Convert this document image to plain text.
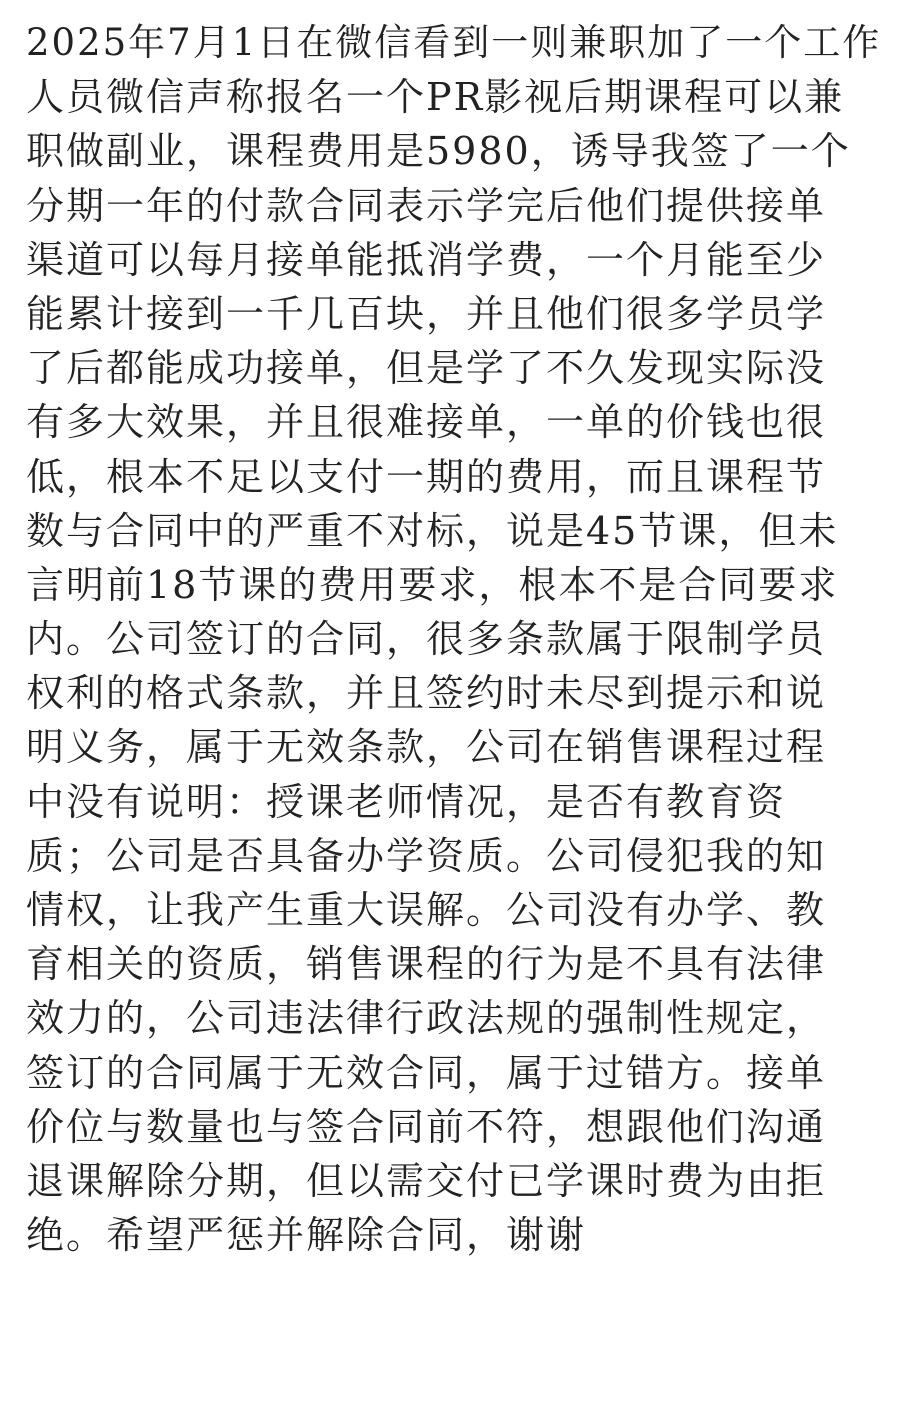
2025年7月1日在微信看到一则兼职加了一个工作
人员微信声称报名一个PR影视后期课程可以兼
职做副业，课程费用是5980，诱导我签了一个
分期一年的付款合同表示学完后他们提供接单
渠道可以每月接单能抵消学费，一个月能至少
能累计接到一千几百块，并且他们很多学员学
了后都能成功接单，但是学了不久发现实际没
有多大效果，并且很难接单，一单的价钱也很
低，根本不足以支付一期的费用，而且课程节
数与合同中的严重不对标，说是45节课，但未
言明前18节课的费用要求，根本不是合同要求
内。公司签订的合同，很多条款属于限制学员
权利的格式条款，并且签约时未尽到提示和说
明义务，属于无效条款，公司在销售课程过程
中没有说明：授课老师情况，是否有教育资
质；公司是否具备办学资质。公司侵犯我的知
情权，让我产生重大误解。公司没有办学、教
育相关的资质，销售课程的行为是不具有法律
效力的，公司违法律行政法规的强制性规定，
签订的合同属于无效合同，属于过错方。接单
价位与数量也与签合同前不符，想跟他们沟通
退课解除分期，但以需交付已学课时费为由拒
绝。希望严惩并解除合同，谢谢
